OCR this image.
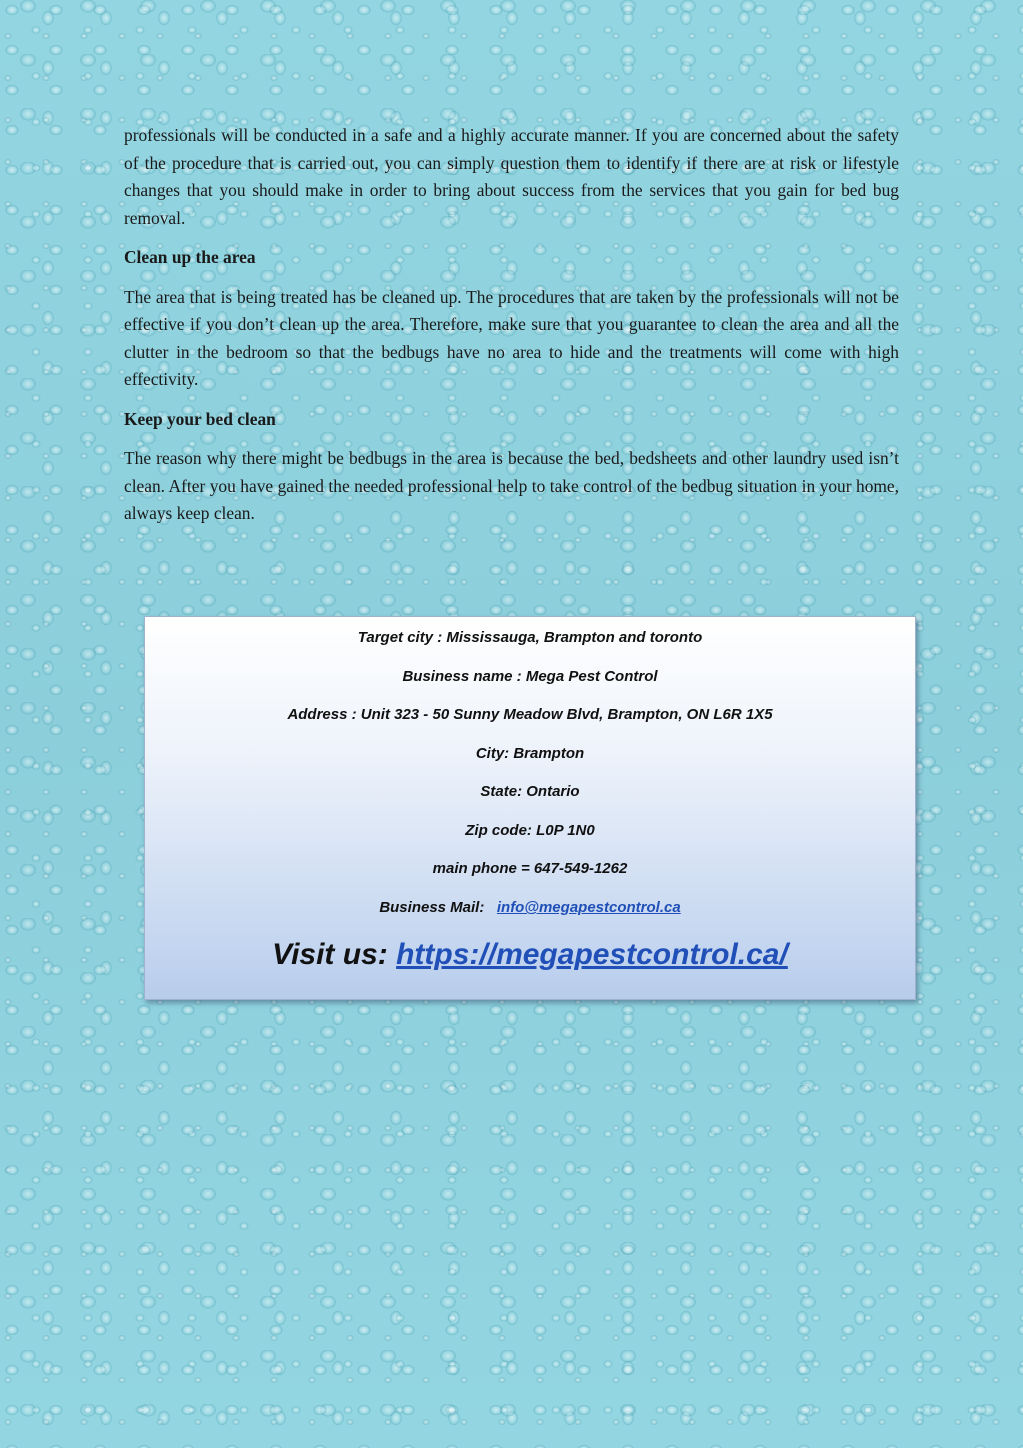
professionals will be conducted in a safe and a highly accurate manner. If you are concerned about the safety of the procedure that is carried out, you can simply question them to identify if there are at risk or lifestyle changes that you should make in order to bring about success from the services that you gain for bed bug removal.

Clean up the area

The area that is being treated has be cleaned up. The procedures that are taken by the professionals will not be effective if you don’t clean up the area. Therefore, make sure that you guarantee to clean the area and all the clutter in the bedroom so that the bedbugs have no area to hide and the treatments will come with high effectivity.

Keep your bed clean

The reason why there might be bedbugs in the area is because the bed, bedsheets and other laundry used isn’t clean. After you have gained the needed professional help to take control of the bedbug situation in your home, always keep clean.

Target city : Mississauga, Brampton and toronto
Business name : Mega Pest Control
Address : Unit 323 - 50 Sunny Meadow Blvd, Brampton, ON L6R 1X5
City: Brampton
State: Ontario
Zip code: L0P 1N0
main phone = 647-549-1262
Business Mail: info@megapestcontrol.ca
Visit us: https://megapestcontrol.ca/
